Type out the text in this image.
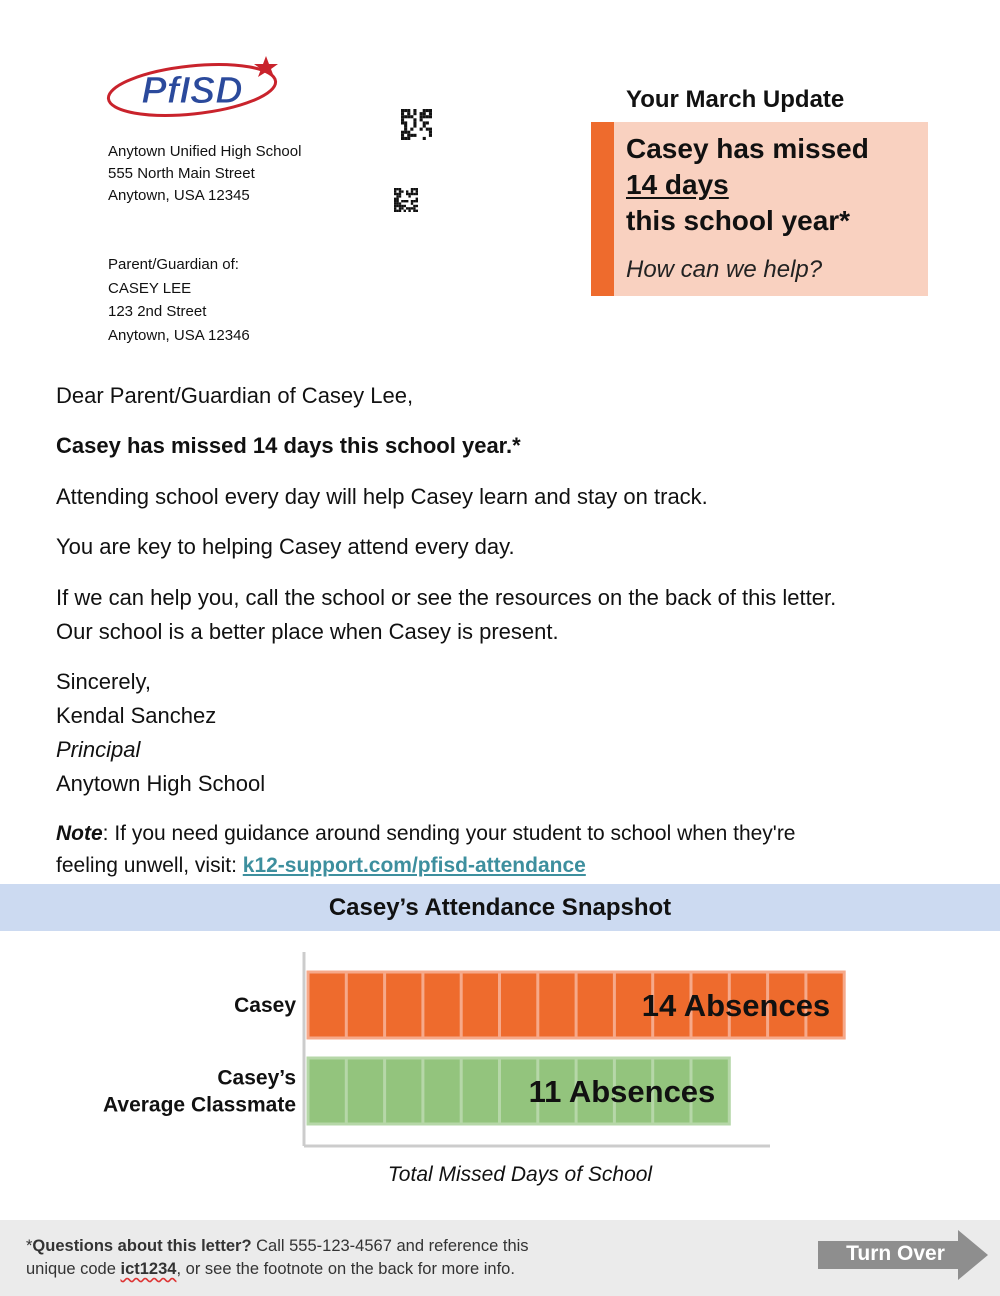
PfISD
Anytown Unified High School
555 North Main Street
Anytown, USA 12345
Parent/Guardian of:
CASEY LEE
123 2nd Street
Anytown, USA 12346
Your March Update
Casey has missed
14 days
this school year*
How can we help?
Dear Parent/Guardian of Casey Lee,
Casey has missed 14 days this school year.*
Attending school every day will help Casey learn and stay on track.
You are key to helping Casey attend every day.
If we can help you, call the school or see the resources on the back of this letter.
Our school is a better place when Casey is present.
Sincerely,
Kendal Sanchez
Principal
Anytown High School
Note: If you need guidance around sending your student to school when they're
feeling unwell, visit: k12-support.com/pfisd-attendance
Casey’s Attendance Snapshot
14 Absences
Casey
11 Absences
Casey’s
Average Classmate
Total Missed Days of School
*Questions about this letter? Call 555-123-4567 and reference this
unique code ict1234, or see the footnote on the back for more info.
Turn Over
